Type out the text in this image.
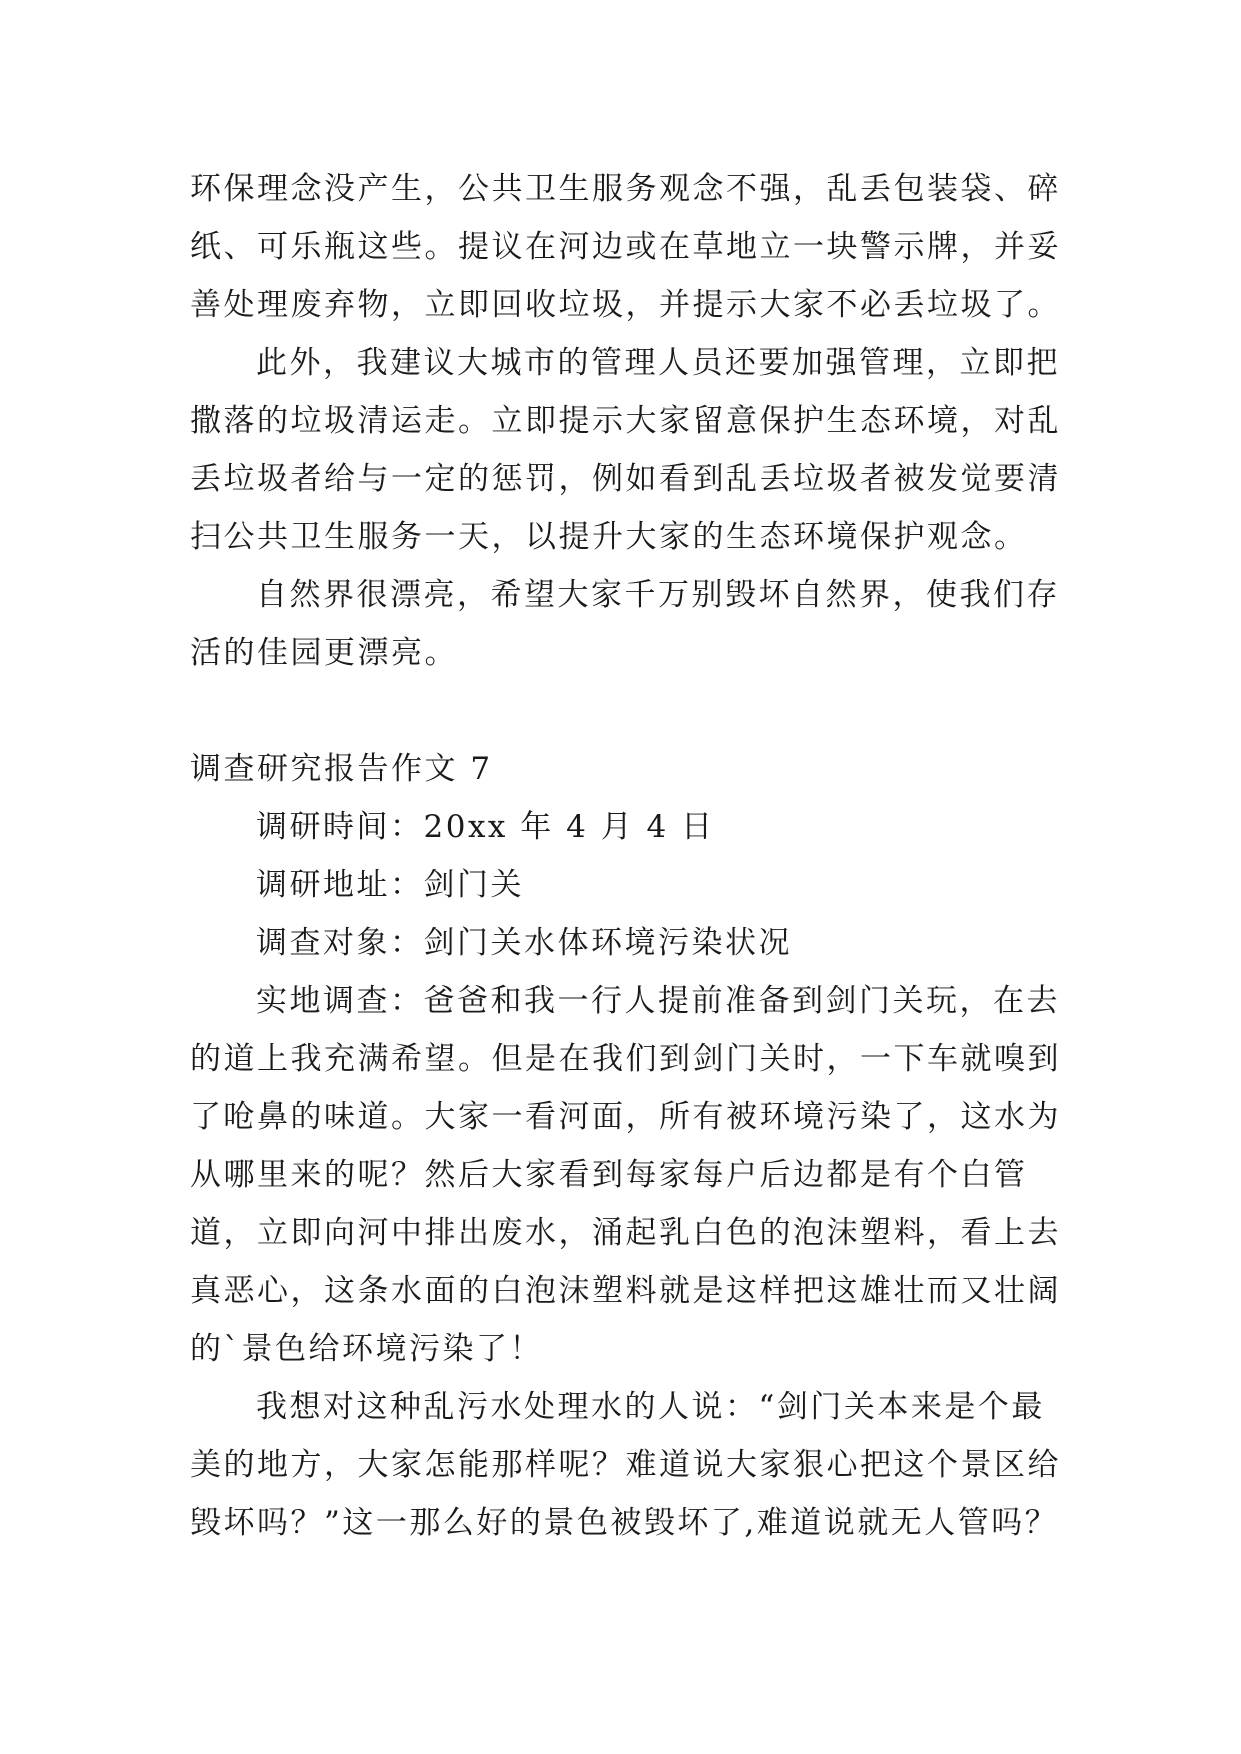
环保理念没产生，公共卫生服务观念不强，乱丢包装袋、碎
纸、可乐瓶这些。提议在河边或在草地立一块警示牌，并妥
善处理废弃物，立即回收垃圾，并提示大家不必丢垃圾了。
此外，我建议大城市的管理人员还要加强管理，立即把
撒落的垃圾清运走。立即提示大家留意保护生态环境，对乱
丢垃圾者给与一定的惩罚，例如看到乱丢垃圾者被发觉要清
扫公共卫生服务一天，以提升大家的生态环境保护观念。
自然界很漂亮，希望大家千万别毁坏自然界，使我们存
活的佳园更漂亮。
调查研究报告作文 7
调研時间：20xx 年 4 月 4 日
调研地址：剑门关
调查对象：剑门关水体环境污染状况
实地调查：爸爸和我一行人提前准备到剑门关玩，在去
的道上我充满希望。但是在我们到剑门关时，一下车就嗅到
了呛鼻的味道。大家一看河面，所有被环境污染了，这水为
从哪里来的呢？然后大家看到每家每户后边都是有个白管
道，立即向河中排出废水，涌起乳白色的泡沫塑料，看上去
真恶心，这条水面的白泡沫塑料就是这样把这雄壮而又壮阔
的`景色给环境污染了！
我想对这种乱污水处理水的人说：“剑门关本来是个最
美的地方，大家怎能那样呢？难道说大家狠心把这个景区给
毁坏吗？”这一那么好的景色被毁坏了,难道说就无人管吗？
